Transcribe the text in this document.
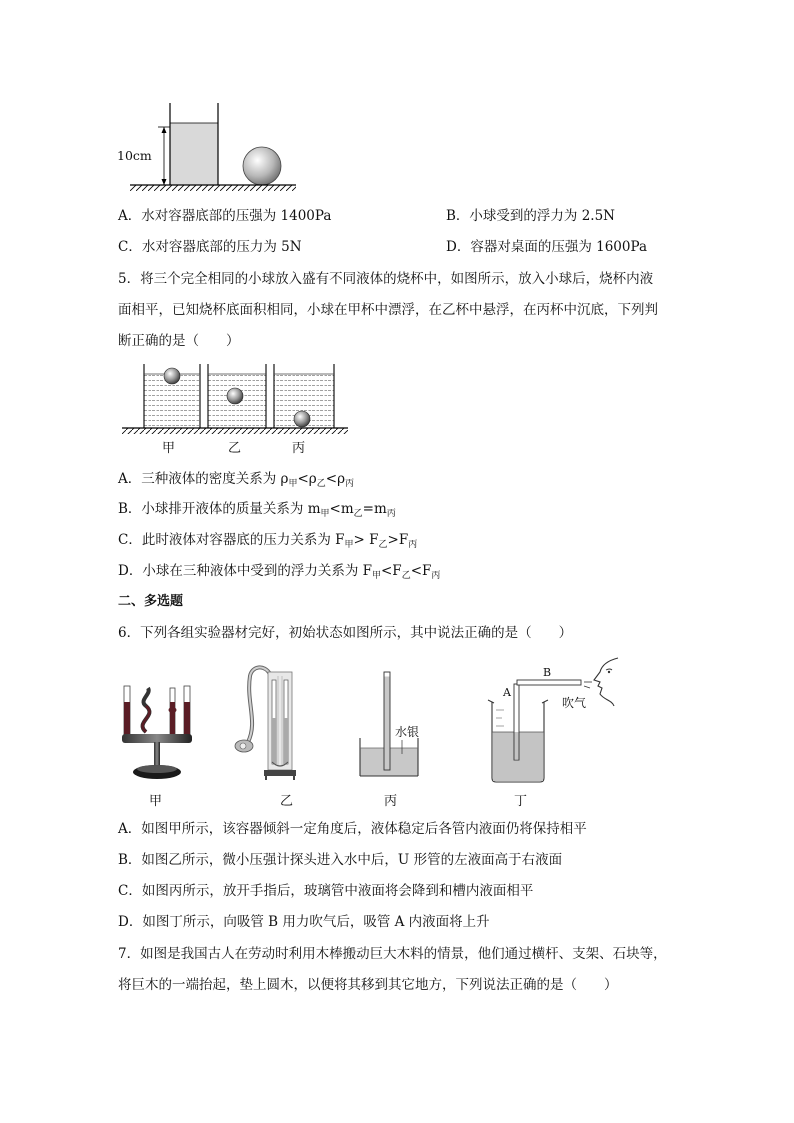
10cm
A．水对容器底部的压强为 1400Pa	B．小球受到的浮力为 2.5N
C．水对容器底部的压力为 5N	D．容器对桌面的压强为 1600Pa
5．将三个完全相同的小球放入盛有不同液体的烧杯中，如图所示，放入小球后，烧杯内液
面相平，已知烧杯底面积相同，小球在甲杯中漂浮，在乙杯中悬浮，在丙杯中沉底，下列判
断正确的是（　　）
甲	乙	丙
A．三种液体的密度关系为 $\rho_甲<\rho_乙<\rho_丙$
B．小球排开液体的质量关系为 $m_甲<m_乙=m_丙$
C．此时液体对容器底的压力关系为 $F_甲> F_乙>F_丙$
D．小球在三种液体中受到的浮力关系为 $F_甲<F_乙<F_丙$
二、多选题
6．下列各组实验器材完好，初始状态如图所示，其中说法正确的是（　　）
甲	乙
水银
丙
A
B
吹气
丁
A．如图甲所示，该容器倾斜一定角度后，液体稳定后各管内液面仍将保持相平
B．如图乙所示，微小压强计探头进入水中后，U 形管的左液面高于右液面
C．如图丙所示，放开手指后，玻璃管中液面将会降到和槽内液面相平
D．如图丁所示，向吸管 B 用力吹气后，吸管 A 内液面将上升
7．如图是我国古人在劳动时利用木棒搬动巨大木料的情景，他们通过横杆、支架、石块等，
将巨木的一端抬起，垫上圆木，以便将其移到其它地方，下列说法正确的是（　　）
